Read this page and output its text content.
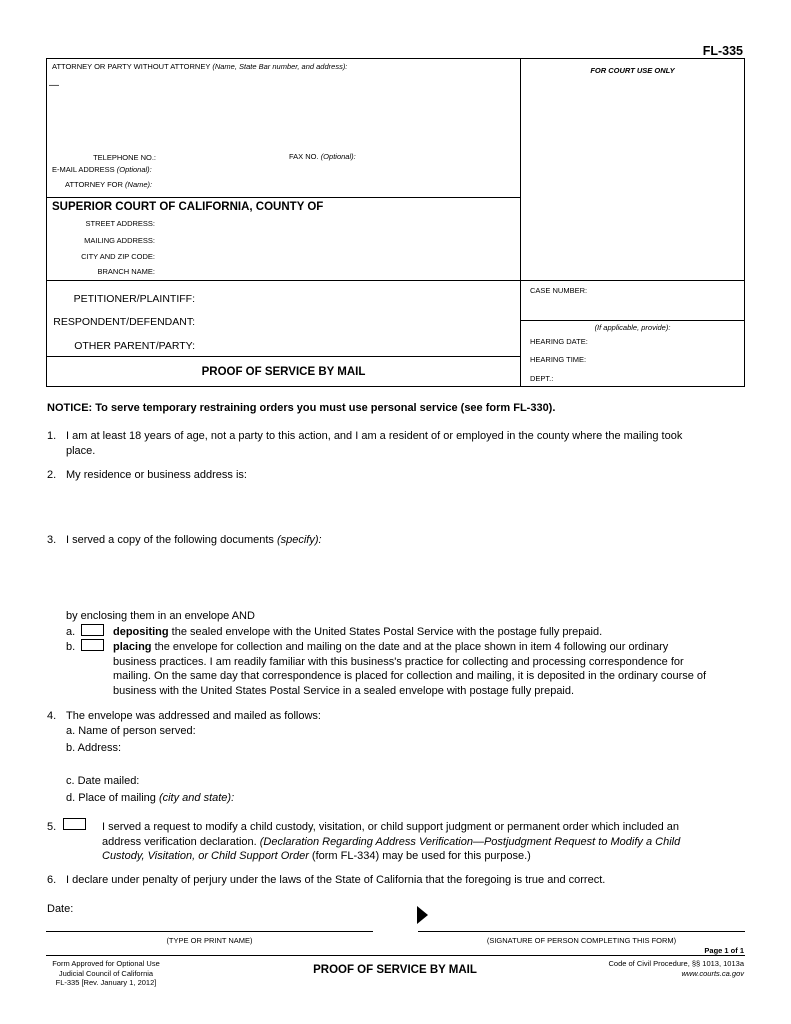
FL-335
ATTORNEY OR PARTY WITHOUT ATTORNEY (Name, State Bar number, and address):
—
FOR COURT USE ONLY
TELEPHONE NO.:	FAX NO. (Optional):
E-MAIL ADDRESS (Optional):
ATTORNEY FOR (Name):
SUPERIOR COURT OF CALIFORNIA, COUNTY OF
STREET ADDRESS:
MAILING ADDRESS:
CITY AND ZIP CODE:
BRANCH NAME:
PETITIONER/PLAINTIFF:
RESPONDENT/DEFENDANT:
OTHER PARENT/PARTY:
PROOF OF SERVICE BY MAIL
CASE NUMBER:
(If applicable, provide):
HEARING DATE:
HEARING TIME:
DEPT.:
NOTICE: To serve temporary restraining orders you must use personal service (see form FL-330).
1. I am at least 18 years of age, not a party to this action, and I am a resident of or employed in the county where the mailing took
place.
2. My residence or business address is:
3. I served a copy of the following documents (specify):
by enclosing them in an envelope AND
a.	depositing the sealed envelope with the United States Postal Service with the postage fully prepaid.
b.	placing the envelope for collection and mailing on the date and at the place shown in item 4 following our ordinary
business practices. I am readily familiar with this business's practice for collecting and processing correspondence for
mailing. On the same day that correspondence is placed for collection and mailing, it is deposited in the ordinary course of
business with the United States Postal Service in a sealed envelope with postage fully prepaid.
4. The envelope was addressed and mailed as follows:
a. Name of person served:
b. Address:
c. Date mailed:
d. Place of mailing (city and state):
5.	I served a request to modify a child custody, visitation, or child support judgment or permanent order which included an
address verification declaration. (Declaration Regarding Address Verification—Postjudgment Request to Modify a Child
Custody, Visitation, or Child Support Order (form FL-334) may be used for this purpose.)
6. I declare under penalty of perjury under the laws of the State of California that the foregoing is true and correct.
Date:
(TYPE OR PRINT NAME)	(SIGNATURE OF PERSON COMPLETING THIS FORM)
Page 1 of 1
Form Approved for Optional Use
Judicial Council of California
FL-335 [Rev. January 1, 2012]
PROOF OF SERVICE BY MAIL
Code of Civil Procedure, §§ 1013, 1013a
www.courts.ca.gov
